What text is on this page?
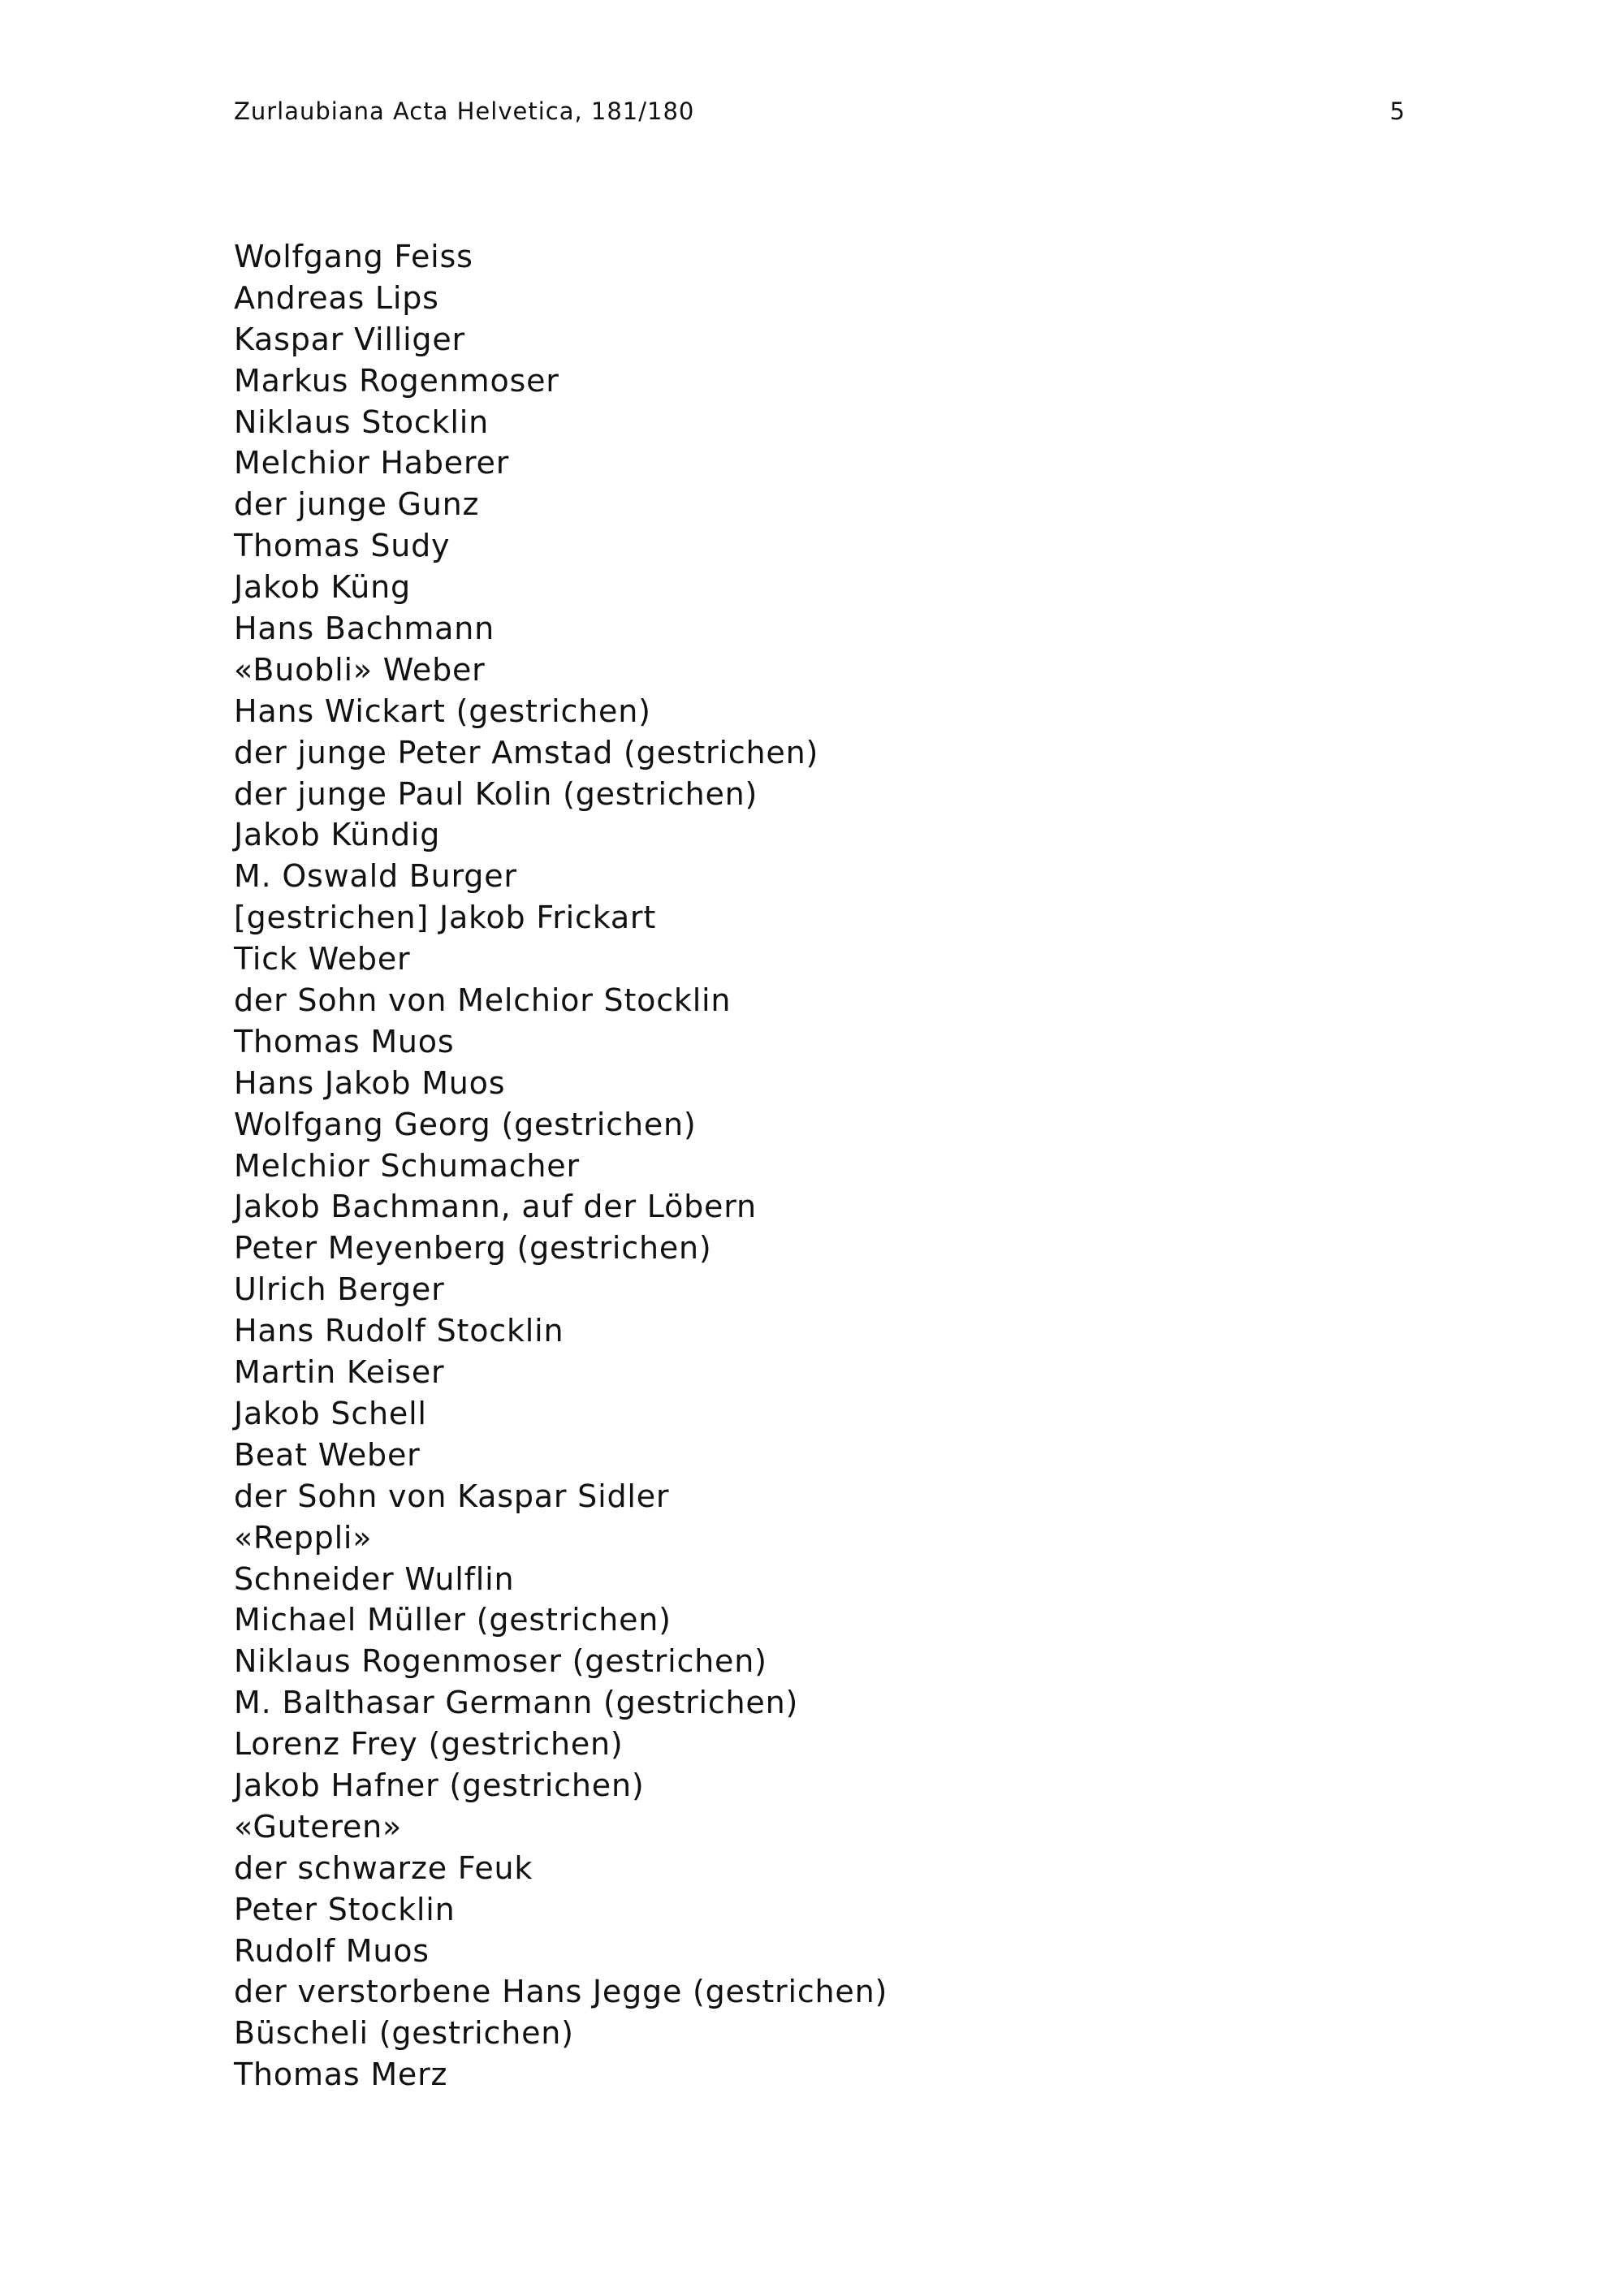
Zurlaubiana Acta Helvetica, 181/180	5
Wolfgang Feiss
Andreas Lips
Kaspar Villiger
Markus Rogenmoser
Niklaus Stocklin
Melchior Haberer
der junge Gunz
Thomas Sudy
Jakob Küng
Hans Bachmann
«Buobli» Weber
Hans Wickart (gestrichen)
der junge Peter Amstad (gestrichen)
der junge Paul Kolin (gestrichen)
Jakob Kündig
M. Oswald Burger
[gestrichen] Jakob Frickart
Tick Weber
der Sohn von Melchior Stocklin
Thomas Muos
Hans Jakob Muos
Wolfgang Georg (gestrichen)
Melchior Schumacher
Jakob Bachmann, auf der Löbern
Peter Meyenberg (gestrichen)
Ulrich Berger
Hans Rudolf Stocklin
Martin Keiser
Jakob Schell
Beat Weber
der Sohn von Kaspar Sidler
«Reppli»
Schneider Wulflin
Michael Müller (gestrichen)
Niklaus Rogenmoser (gestrichen)
M. Balthasar Germann (gestrichen)
Lorenz Frey (gestrichen)
Jakob Hafner (gestrichen)
«Guteren»
der schwarze Feuk
Peter Stocklin
Rudolf Muos
der verstorbene Hans Jegge (gestrichen)
Büscheli (gestrichen)
Thomas Merz
